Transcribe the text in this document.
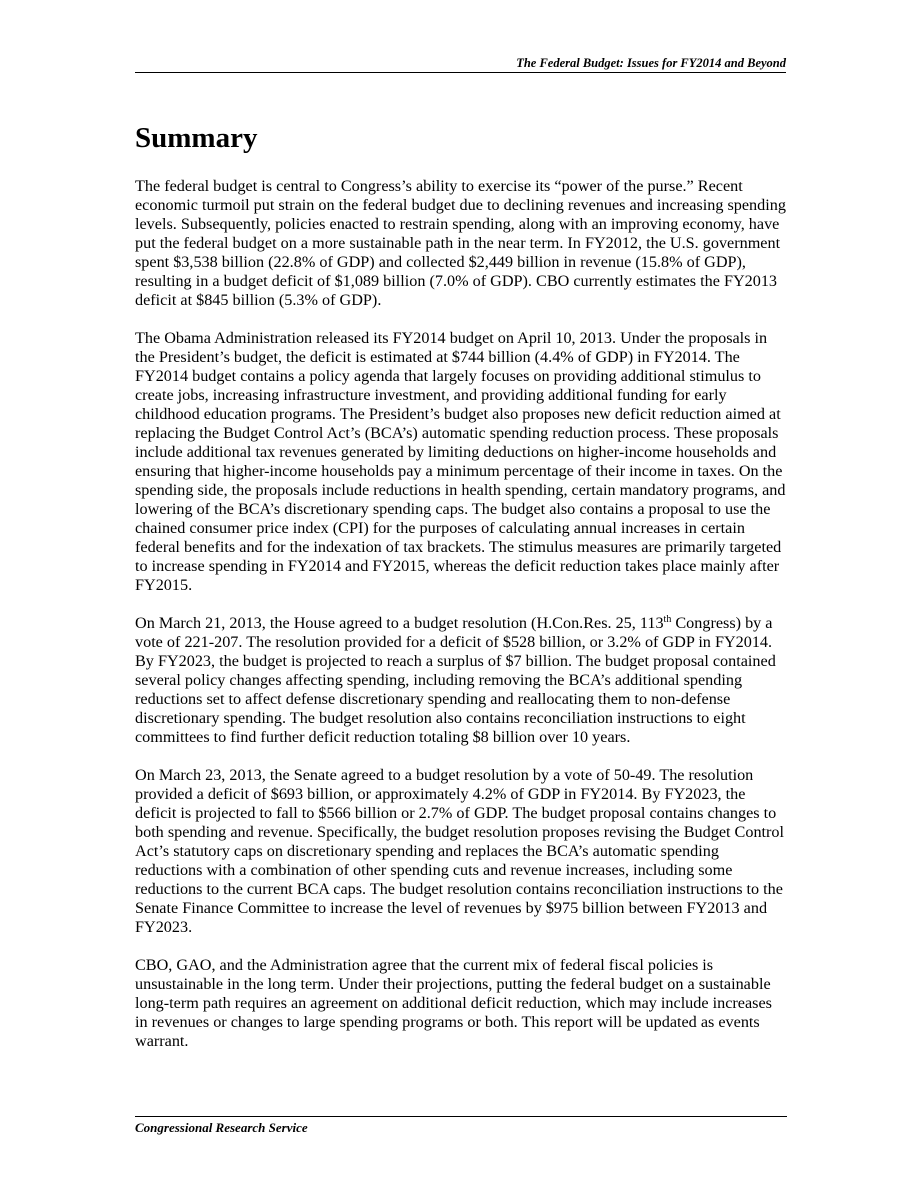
The Federal Budget: Issues for FY2014 and Beyond
Summary

The federal budget is central to Congress’s ability to exercise its “power of the purse.” Recent economic turmoil put strain on the federal budget due to declining revenues and increasing spending levels. Subsequently, policies enacted to restrain spending, along with an improving economy, have put the federal budget on a more sustainable path in the near term. In FY2012, the U.S. government spent $3,538 billion (22.8% of GDP) and collected $2,449 billion in revenue (15.8% of GDP), resulting in a budget deficit of $1,089 billion (7.0% of GDP). CBO currently estimates the FY2013 deficit at $845 billion (5.3% of GDP).

The Obama Administration released its FY2014 budget on April 10, 2013. Under the proposals in the President’s budget, the deficit is estimated at $744 billion (4.4% of GDP) in FY2014. The FY2014 budget contains a policy agenda that largely focuses on providing additional stimulus to create jobs, increasing infrastructure investment, and providing additional funding for early childhood education programs. The President’s budget also proposes new deficit reduction aimed at replacing the Budget Control Act’s (BCA’s) automatic spending reduction process. These proposals include additional tax revenues generated by limiting deductions on higher-income households and ensuring that higher-income households pay a minimum percentage of their income in taxes. On the spending side, the proposals include reductions in health spending, certain mandatory programs, and lowering of the BCA’s discretionary spending caps. The budget also contains a proposal to use the chained consumer price index (CPI) for the purposes of calculating annual increases in certain federal benefits and for the indexation of tax brackets. The stimulus measures are primarily targeted to increase spending in FY2014 and FY2015, whereas the deficit reduction takes place mainly after FY2015.

On March 21, 2013, the House agreed to a budget resolution (H.Con.Res. 25, 113th Congress) by a vote of 221-207. The resolution provided for a deficit of $528 billion, or 3.2% of GDP in FY2014. By FY2023, the budget is projected to reach a surplus of $7 billion. The budget proposal contained several policy changes affecting spending, including removing the BCA’s additional spending reductions set to affect defense discretionary spending and reallocating them to non-defense discretionary spending. The budget resolution also contains reconciliation instructions to eight committees to find further deficit reduction totaling $8 billion over 10 years.

On March 23, 2013, the Senate agreed to a budget resolution by a vote of 50-49. The resolution provided a deficit of $693 billion, or approximately 4.2% of GDP in FY2014. By FY2023, the deficit is projected to fall to $566 billion or 2.7% of GDP. The budget proposal contains changes to both spending and revenue. Specifically, the budget resolution proposes revising the Budget Control Act’s statutory caps on discretionary spending and replaces the BCA’s automatic spending reductions with a combination of other spending cuts and revenue increases, including some reductions to the current BCA caps. The budget resolution contains reconciliation instructions to the Senate Finance Committee to increase the level of revenues by $975 billion between FY2013 and FY2023.

CBO, GAO, and the Administration agree that the current mix of federal fiscal policies is unsustainable in the long term. Under their projections, putting the federal budget on a sustainable long-term path requires an agreement on additional deficit reduction, which may include increases in revenues or changes to large spending programs or both. This report will be updated as events warrant.

Congressional Research Service
